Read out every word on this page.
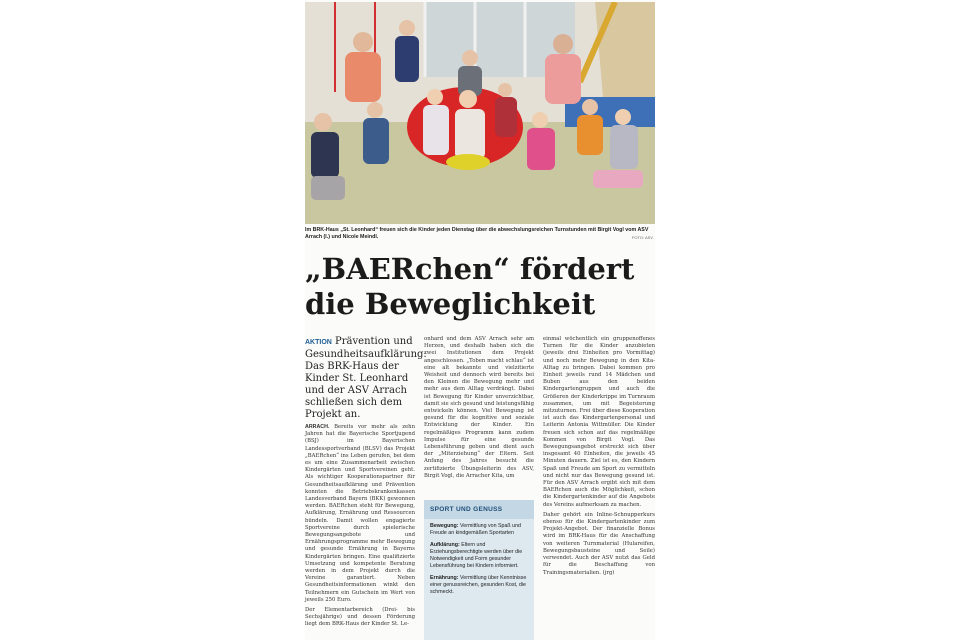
Im BRK-Haus „St. Leonhard“ freuen sich die Kinder jeden Dienstag über die abwechslungsreichen Turnstunden mit Birgit Vogl vom ASV Arrach (l.) und Nicole Meindl.	FOTO: ASV
„BAERchen“ fördert
die Beweglichkeit

AKTION Prävention und Gesundheitsaufklärung: Das BRK-Haus der Kinder St. Leonhard und der ASV Arrach schließen sich dem Projekt an.

ARRACH. Bereits vor mehr als zehn Jahren hat die Bayerische Sportjugend (BSJ) im Bayerischen Landessportverband (BLSV) das Projekt „BAERchen“ ins Leben gerufen, bei dem es um eine Zusammenarbeit zwischen Kindergärten und Sportvereinen geht. Als wichtiger Kooperationspartner für Gesundheitsaufklärung und Prävention konnten die Betriebskrankenkassen Landesverband Bayern (BKK) gewonnen werden. BAERchen steht für Bewegung, Aufklärung, Ernährung und Ressourcen bündeln. Damit wollen engagierte Sportvereine durch spielerische Bewegungsangebote und Ernährungsprogramme mehr Bewegung und gesunde Ernährung in Bayerns Kindergärten bringen. Eine qualifizierte Umsetzung und kompetente Beratung werden in dem Projekt durch die Vereine garantiert. Neben Gesundheitsinformationen winkt den Teilnehmern ein Gutschein im Wert von jeweils 250 Euro.

Der Elementarbereich (Drei- bis Sechsjährige) und dessen Förderung liegt dem BRK-Haus der Kinder St. Le-

onhard und dem ASV Arrach sehr am Herzen, und deshalb haben sich die zwei Institutionen dem Projekt angeschlossen. „Toben macht schlau“ ist eine alt bekannte und vielzitierte Weisheit und dennoch wird bereits bei den Kleinen die Bewegung mehr und mehr aus dem Alltag verdrängt. Dabei ist Bewegung für Kinder unverzichtbar, damit sie sich gesund und leistungsfähig entwickeln können. Viel Bewegung ist gesund für die kognitive und soziale Entwicklung der Kinder. Ein regelmäßiges Programm kann zudem Impulse für eine gesunde Lebensführung geben und dient auch der „Miterziehung“ der Eltern. Seit Anfang des Jahres besucht die zertifizierte Übungsleiterin des ASV, Birgit Vogl, die Arracher Kita, um

SPORT UND GENUSS

Bewegung: Vermittlung von Spaß und Freude an kindgemäßen Sportarten

Aufklärung: Eltern und Erziehungsberechtigte werden über die Notwendigkeit und Form gesunder Lebensführung bei Kindern informiert.

Ernährung: Vermittlung über Kenntnisse einer genussreichen, gesunden Kost, die schmeckt.

einmal wöchentlich ein gruppenoffenes Turnen für die Kinder anzubieten (jeweils drei Einheiten pro Vormittag) und noch mehr Bewegung in den Kita-Alltag zu bringen. Dabei kommen pro Einheit jeweils rund 14 Mädchen und Buben aus den beiden Kindergartengruppen und auch die Größeren der Kinderkrippe im Turnraum zusammen, um mit Begeisterung mitzuturnen. Frei über diese Kooperation ist auch das Kindergartenpersonal und Leiterin Antonia Wittmüller. Die Kinder freuen sich schon auf das regelmäßige Kommen von Birgit Vogl. Das Bewegungsangebot erstreckt sich über insgesamt 40 Einheiten, die jeweils 45 Minuten dauern. Ziel ist es, den Kindern Spaß und Freude am Sport zu vermitteln und nicht nur das Bewegung gesund ist. Für den ASV Arrach ergibt sich mit dem BAERchen auch die Möglichkeit, schon die Kindergartenkinder auf die Angebote des Vereins aufmerksam zu machen.

Daher gehört ein Inline-Schnupperkurs ebenso für die Kindergartenkinder zum Projekt-Angebot. Der finanzielle Bonus wird im BRK-Haus für die Anschaffung von weiteren Turnmaterial (Hulareifen, Bewegungsbausteine und Seile) verwendet. Auch der ASV nutzt das Geld für die Beschaffung von Trainingsmaterialien. (jrg)
